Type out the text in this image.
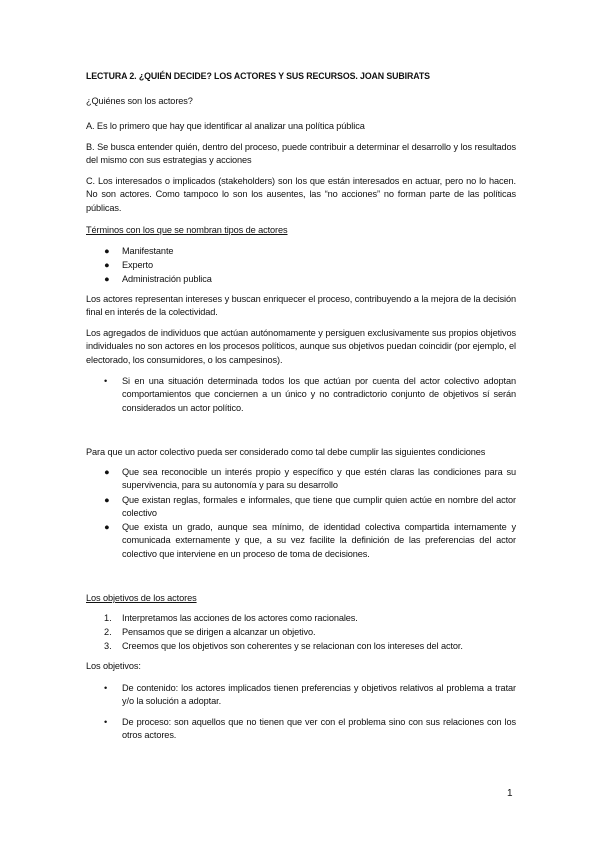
LECTURA 2. ¿QUIÉN DECIDE? LOS ACTORES Y SUS RECURSOS. JOAN SUBIRATS
¿Quiénes son los actores?
A. Es lo primero que hay que identificar al analizar una política pública
B. Se busca entender quién, dentro del proceso, puede contribuir a determinar el desarrollo y los resultados del mismo con sus estrategias y acciones
C. Los interesados o implicados (stakeholders) son los que están interesados en actuar, pero no lo hacen. No son actores. Como tampoco lo son los ausentes, las “no acciones” no forman parte de las políticas públicas.
Términos con los que se nombran tipos de actores
● Manifestante
● Experto
● Administración publica
Los actores representan intereses y buscan enriquecer el proceso, contribuyendo a la mejora de la decisión final en interés de la colectividad.
Los agregados de individuos que actúan autónomamente y persiguen exclusivamente sus propios objetivos individuales no son actores en los procesos políticos, aunque sus objetivos puedan coincidir (por ejemplo, el electorado, los consumidores, o los campesinos).
• Si en una situación determinada todos los que actúan por cuenta del actor colectivo adoptan comportamientos que conciernen a un único y no contradictorio conjunto de objetivos sí serán considerados un actor político.
Para que un actor colectivo pueda ser considerado como tal debe cumplir las siguientes condiciones
● Que sea reconocible un interés propio y específico y que estén claras las condiciones para su supervivencia, para su autonomía y para su desarrollo
● Que existan reglas, formales e informales, que tiene que cumplir quien actúe en nombre del actor colectivo
● Que exista un grado, aunque sea mínimo, de identidad colectiva compartida internamente y comunicada externamente y que, a su vez facilite la definición de las preferencias del actor colectivo que interviene en un proceso de toma de decisiones.
Los objetivos de los actores
1. Interpretamos las acciones de los actores como racionales.
2. Pensamos que se dirigen a alcanzar un objetivo.
3. Creemos que los objetivos son coherentes y se relacionan con los intereses del actor.
Los objetivos:
• De contenido: los actores implicados tienen preferencias y objetivos relativos al problema a tratar y/o la solución a adoptar.
• De proceso: son aquellos que no tienen que ver con el problema sino con sus relaciones con los otros actores.
1
